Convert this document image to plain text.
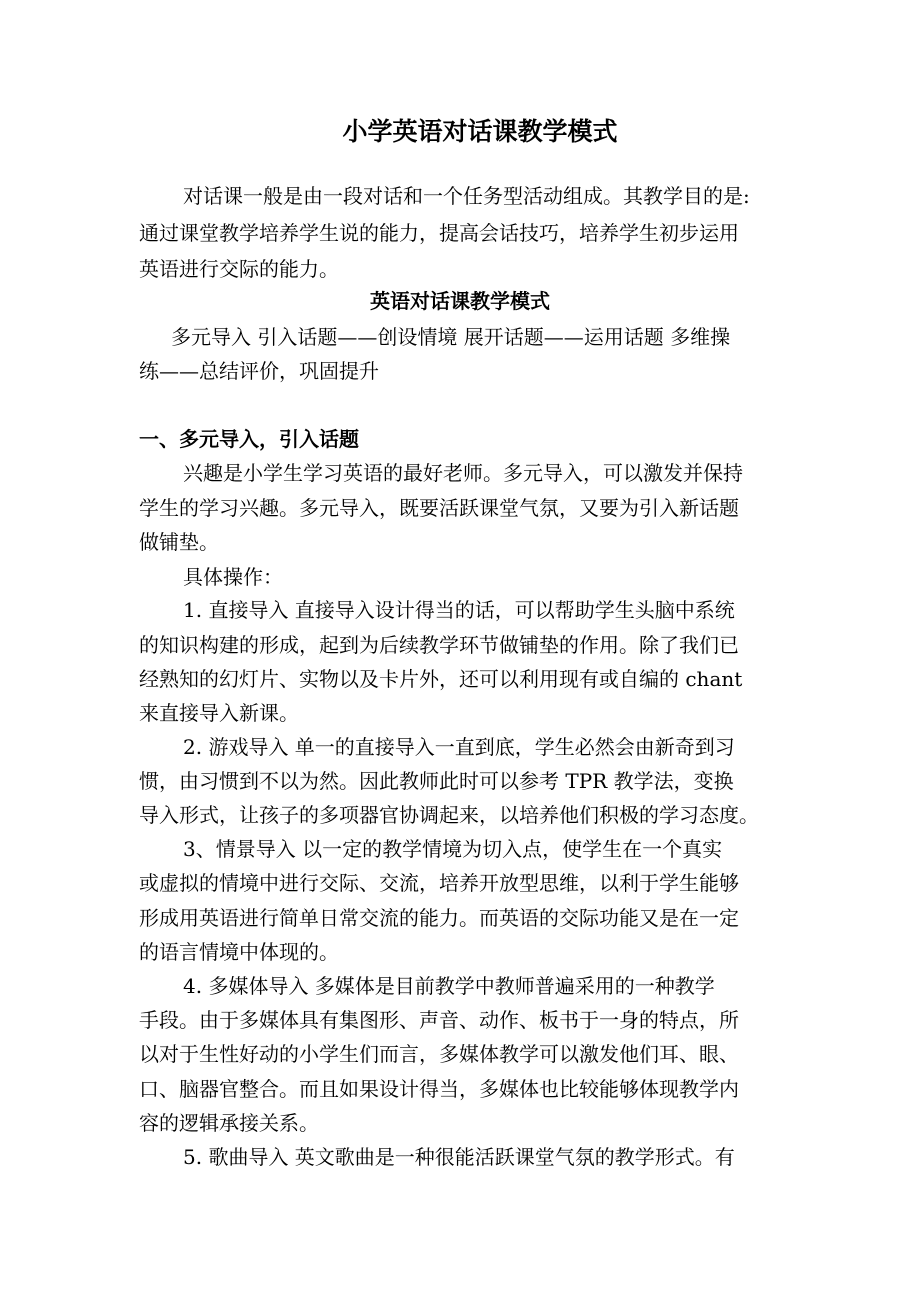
小学英语对话课教学模式
对话课一般是由一段对话和一个任务型活动组成。其教学目的是:
通过课堂教学培养学生说的能力，提高会话技巧，培养学生初步运用
英语进行交际的能力。
英语对话课教学模式
多元导入 引入话题——创设情境 展开话题——运用话题 多维操
练——总结评价，巩固提升
一、多元导入，引入话题
兴趣是小学生学习英语的最好老师。多元导入，可以激发并保持
学生的学习兴趣。多元导入，既要活跃课堂气氛，又要为引入新话题
做铺垫。
具体操作：
1. 直接导入 直接导入设计得当的话，可以帮助学生头脑中系统
的知识构建的形成，起到为后续教学环节做铺垫的作用。除了我们已
经熟知的幻灯片、实物以及卡片外，还可以利用现有或自编的 chant
来直接导入新课。
2. 游戏导入 单一的直接导入一直到底，学生必然会由新奇到习
惯，由习惯到不以为然。因此教师此时可以参考 TPR 教学法，变换
导入形式，让孩子的多项器官协调起来，以培养他们积极的学习态度。
3、情景导入 以一定的教学情境为切入点，使学生在一个真实
或虚拟的情境中进行交际、交流，培养开放型思维，以利于学生能够
形成用英语进行简单日常交流的能力。而英语的交际功能又是在一定
的语言情境中体现的。
4. 多媒体导入 多媒体是目前教学中教师普遍采用的一种教学
手段。由于多媒体具有集图形、声音、动作、板书于一身的特点，所
以对于生性好动的小学生们而言，多媒体教学可以激发他们耳、眼、
口、脑器官整合。而且如果设计得当，多媒体也比较能够体现教学内
容的逻辑承接关系。
5. 歌曲导入 英文歌曲是一种很能活跃课堂气氛的教学形式。有
